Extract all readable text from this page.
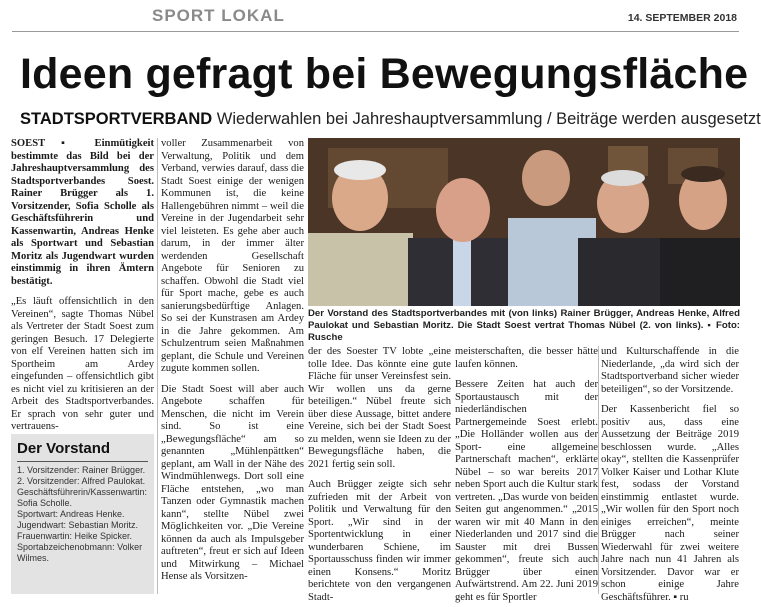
SPORT LOKAL	14. SEPTEMBER 2018
Ideen gefragt bei Bewegungsfläche
STADTSPORTVERBAND Wiederwahlen bei Jahreshauptversammlung / Beiträge werden ausgesetzt

SOEST ▪ Einmütigkeit bestimmte das Bild bei der Jahreshauptversammlung des Stadtsportverbandes Soest. Rainer Brügger als 1. Vorsitzender, Sofia Scholle als Geschäftsführerin und Kassenwartin, Andreas Henke als Sportwart und Sebastian Moritz als Jugendwart wurden einstimmig in ihren Ämtern bestätigt.

„Es läuft offensichtlich in den Vereinen“, sagte Thomas Nübel als Vertreter der Stadt Soest zum geringen Besuch. 17 Delegierte von elf Vereinen hatten sich im Sportheim am Ardey eingefunden – offensichtlich gibt es nicht viel zu kritisieren an der Arbeit des Stadtsportverbandes. Er sprach von sehr guter und vertrauens-

Der Vorstand
1. Vorsitzender: Rainer Brügger.
2. Vorsitzender: Alfred Paulokat.
Geschäftsführerin/Kassenwartin: Sofia Scholle.
Sportwart: Andreas Henke.
Jugendwart: Sebastian Moritz.
Frauenwartin: Heike Spicker.
Sportabzeichenobmann: Volker Wilmes.

voller Zusammenarbeit von Verwaltung, Politik und dem Verband, verwies darauf, dass die Stadt Soest einige der wenigen Kommunen ist, die keine Hallengebühren nimmt – weil die Vereine in der Jugendarbeit sehr viel leisteten. Es gehe aber auch darum, in der immer älter werdenden Gesellschaft Angebote für Senioren zu schaffen. Obwohl die Stadt viel für Sport mache, gebe es auch sanierungsbedürftige Anlagen. So sei der Kunstrasen am Ardey in die Jahre gekommen. Am Schulzentrum seien Maßnahmen geplant, die Schule und Vereinen zugute kommen sollen.

Die Stadt Soest will aber auch Angebote schaffen für Menschen, die nicht im Verein sind. So ist eine „Bewegungsfläche“ am so genannten „Mühlenpättken“ geplant, am Wall in der Nähe des Windmühlenwegs. Dort soll eine Fläche entstehen, „wo man Tanzen oder Gymnastik machen kann“, stellte Nübel zwei Möglichkeiten vor. „Die Vereine können da auch als Impulsgeber auftreten“, freut er sich auf Ideen und Mitwirkung – Michael Hense als Vorsitzen-

Der Vorstand des Stadtsportverbandes mit (von links) Rainer Brügger, Andreas Henke, Alfred Paulokat und Sebastian Moritz. Die Stadt Soest vertrat Thomas Nübel (2. von links). ▪ Foto: Rusche

der des Soester TV lobte „eine tolle Idee. Das könnte eine gute Fläche für unser Vereinsfest sein. Wir wollen uns da gerne beteiligen.“ Nübel freute sich über diese Aussage, bittet andere Vereine, sich bei der Stadt Soest zu melden, wenn sie Ideen zu der Bewegungsfläche haben, die 2021 fertig sein soll.

Auch Brügger zeigte sich sehr zufrieden mit der Arbeit von Politik und Verwaltung für den Sport. „Wir sind in der Sportentwicklung in einer wunderbaren Schiene, im Sportausschuss finden wir immer einen Konsens.“ Moritz berichtete von den vergangenen Stadt-

meisterschaften, die besser hätte laufen können.

Bessere Zeiten hat auch der Sportaustausch mit der niederländischen Partnergemeinde Soest erlebt. „Die Holländer wollen aus der Sport- eine allgemeine Partnerschaft machen“, erklärte Nübel – so war bereits 2017 neben Sport auch die Kultur stark vertreten. „Das wurde von beiden Seiten gut angenommen.“ „2015 waren wir mit 40 Mann in den Niederlanden und 2017 sind die Sauster mit drei Bussen gekommen“, freute sich auch Brügger über einen Aufwärtstrend. Am 22. Juni 2019 geht es für Sportler

und Kulturschaffende in die Niederlande, „da wird sich der Stadtsportverband sicher wieder beteiligen“, so der Vorsitzende.

Der Kassenbericht fiel so positiv aus, dass eine Aussetzung der Beiträge 2019 beschlossen wurde. „Alles okay“, stellten die Kassenprüfer Volker Kaiser und Lothar Klute fest, sodass der Vorstand einstimmig entlastet wurde. „Wir wollen für den Sport noch einiges erreichen“, meinte Brügger nach seiner Wiederwahl für zwei weitere Jahre nach nun 41 Jahren als Vorsitzender. Davor war er schon einige Jahre Geschäftsführer. ▪ ru
